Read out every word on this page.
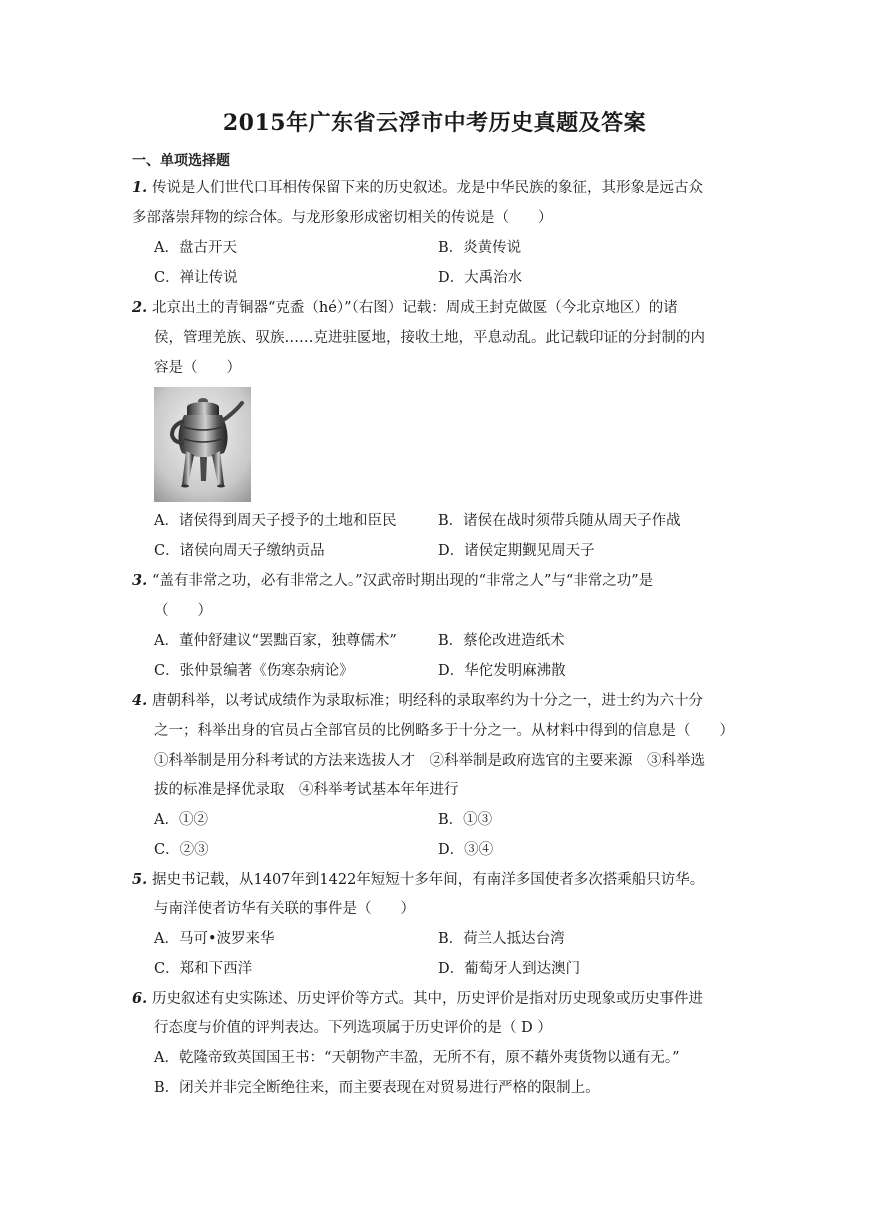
2015年广东省云浮市中考历史真题及答案
一、单项选择题
1. 传说是人们世代口耳相传保留下来的历史叙述。龙是中华民族的象征，其形象是远古众
多部落崇拜物的综合体。与龙形象形成密切相关的传说是（　　）
A．盘古开天	B．炎黄传说
C．禅让传说	D．大禹治水
2. 北京出土的青铜器“克盉（hé）”（右图）记载：周成王封克做匽（今北京地区）的诸
侯，管理羌族、驭族……克进驻匽地，接收土地，平息动乱。此记载印证的分封制的内
容是（　　）
A．诸侯得到周天子授予的土地和臣民	B．诸侯在战时须带兵随从周天子作战
C．诸侯向周天子缴纳贡品	D．诸侯定期觐见周天子
3. “盖有非常之功，必有非常之人。”汉武帝时期出现的“非常之人”与“非常之功”是
（　　）
A．董仲舒建议“罢黜百家，独尊儒术”	B．蔡伦改进造纸术
C．张仲景编著《伤寒杂病论》	D．华佗发明麻沸散
4. 唐朝科举，以考试成绩作为录取标准；明经科的录取率约为十分之一，进士约为六十分
之一；科举出身的官员占全部官员的比例略多于十分之一。从材料中得到的信息是（　　）
①科举制是用分科考试的方法来选拔人才　②科举制是政府选官的主要来源　③科举选
拔的标准是择优录取　④科举考试基本年年进行
A．①②	B．①③
C．②③	D．③④
5. 据史书记载，从1407年到1422年短短十多年间，有南洋多国使者多次搭乘船只访华。
与南洋使者访华有关联的事件是（　　）
A．马可•波罗来华	B．荷兰人抵达台湾
C．郑和下西洋	D．葡萄牙人到达澳门
6. 历史叙述有史实陈述、历史评价等方式。其中，历史评价是指对历史现象或历史事件进
行态度与价值的评判表达。下列选项属于历史评价的是（ D ）
A．乾隆帝致英国国王书：“天朝物产丰盈，无所不有，原不藉外夷货物以通有无。”
B．闭关并非完全断绝往来，而主要表现在对贸易进行严格的限制上。
